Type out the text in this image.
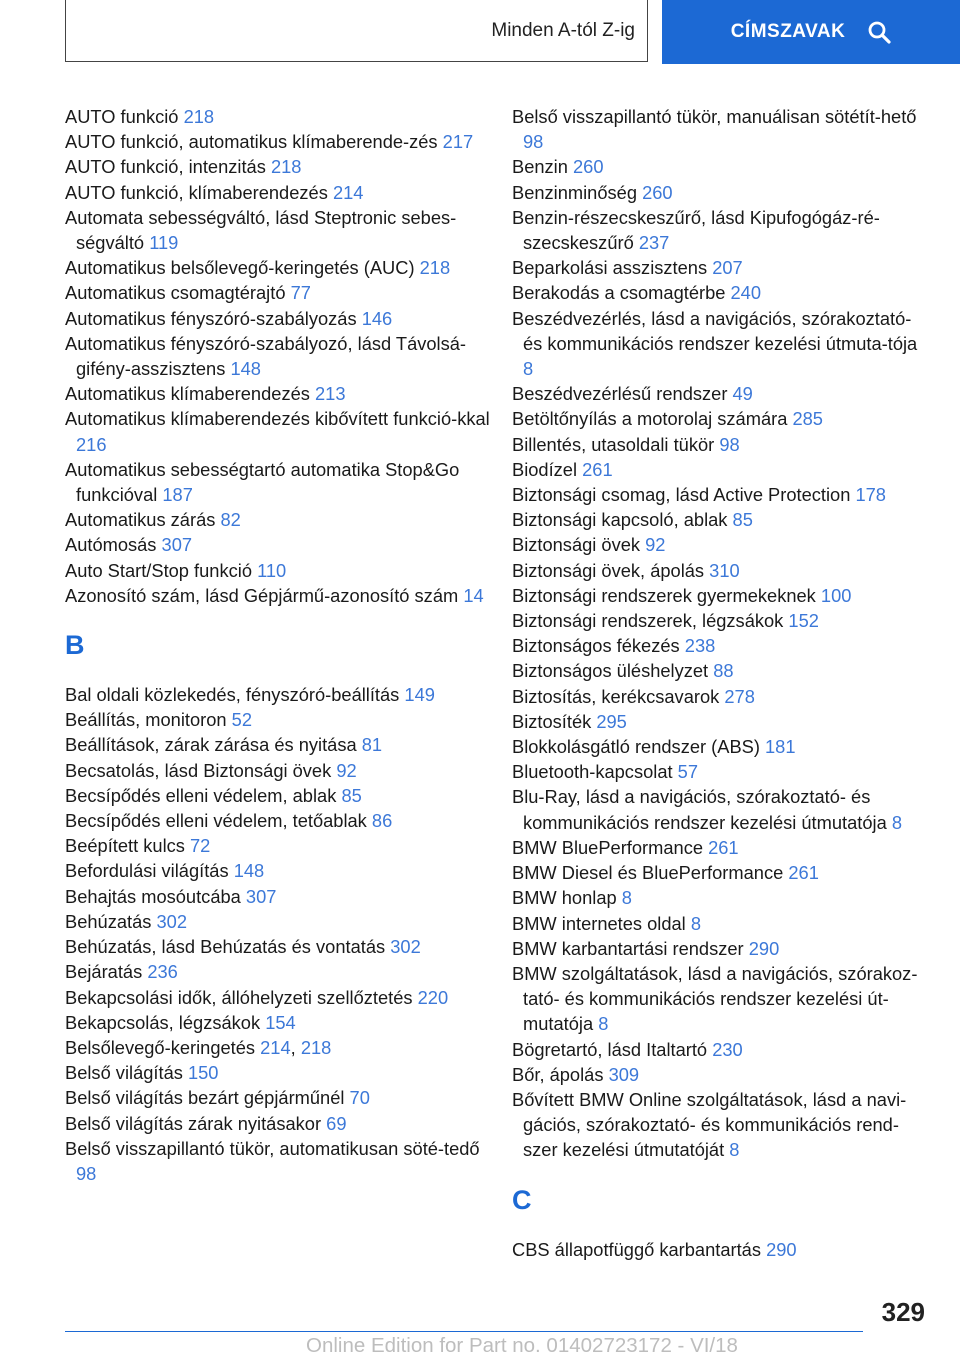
Minden A-tól Z-ig	CÍMSZAVAK
AUTO funkció 218
AUTO funkció, automatikus klímaberende-zés 217
AUTO funkció, intenzitás 218
AUTO funkció, klímaberendezés 214
Automata sebességváltó, lásd Steptronic sebes-ségváltó 119
Automatikus belsőlevegő-keringetés (AUC) 218
Automatikus csomagtérajtó 77
Automatikus fényszóró-szabályozás 146
Automatikus fényszóró-szabályozó, lásd Távolsá-gifény-asszisztens 148
Automatikus klímaberendezés 213
Automatikus klímaberendezés kibővített funkció-kkal 216
Automatikus sebességtartó automatika Stop&Go funkcióval 187
Automatikus zárás 82
Autómosás 307
Auto Start/Stop funkció 110
Azonosító szám, lásd Gépjármű-azonosító szám 14
B
Bal oldali közlekedés, fényszóró-beállítás 149
Beállítás, monitoron 52
Beállítások, zárak zárása és nyitása 81
Becsatolás, lásd Biztonsági övek 92
Becsípődés elleni védelem, ablak 85
Becsípődés elleni védelem, tetőablak 86
Beépített kulcs 72
Befordulási világítás 148
Behajtás mosóutcába 307
Behúzatás 302
Behúzatás, lásd Behúzatás és vontatás 302
Bejáratás 236
Bekapcsolási idők, állóhelyzeti szellőztetés 220
Bekapcsolás, légzsákok 154
Belsőlevegő-keringetés 214, 218
Belső világítás 150
Belső világítás bezárt gépjárműnél 70
Belső világítás zárak nyitásakor 69
Belső visszapillantó tükör, automatikusan söté-tedő 98
Belső visszapillantó tükör, manuálisan sötétít-hető 98
Benzin 260
Benzinminőség 260
Benzin-részecskeszűrő, lásd Kipufogógáz-ré-szecskeszűrő 237
Beparkolási asszisztens 207
Berakodás a csomagtérbe 240
Beszédvezérlés, lásd a navigációs, szórakoztató- és kommunikációs rendszer kezelési útmuta-tója 8
Beszédvezérlésű rendszer 49
Betöltőnyílás a motorolaj számára 285
Billentés, utasoldali tükör 98
Biodízel 261
Biztonsági csomag, lásd Active Protection 178
Biztonsági kapcsoló, ablak 85
Biztonsági övek 92
Biztonsági övek, ápolás 310
Biztonsági rendszerek gyermekeknek 100
Biztonsági rendszerek, légzsákok 152
Biztonságos fékezés 238
Biztonságos üléshelyzet 88
Biztosítás, kerékcsavarok 278
Biztosíték 295
Blokkolásgátló rendszer (ABS) 181
Bluetooth-kapcsolat 57
Blu-Ray, lásd a navigációs, szórakoztató- és kommunikációs rendszer kezelési útmutatója 8
BMW BluePerformance 261
BMW Diesel és BluePerformance 261
BMW honlap 8
BMW internetes oldal 8
BMW karbantartási rendszer 290
BMW szolgáltatások, lásd a navigációs, szórakoz-tató- és kommunikációs rendszer kezelési út-mutatója 8
Bögretartó, lásd Italtartó 230
Bőr, ápolás 309
Bővített BMW Online szolgáltatások, lásd a navi-gációs, szórakoztató- és kommunikációs rend-szer kezelési útmutatóját 8
C
CBS állapotfüggő karbantartás 290
329
Online Edition for Part no. 01402723172 - VI/18
